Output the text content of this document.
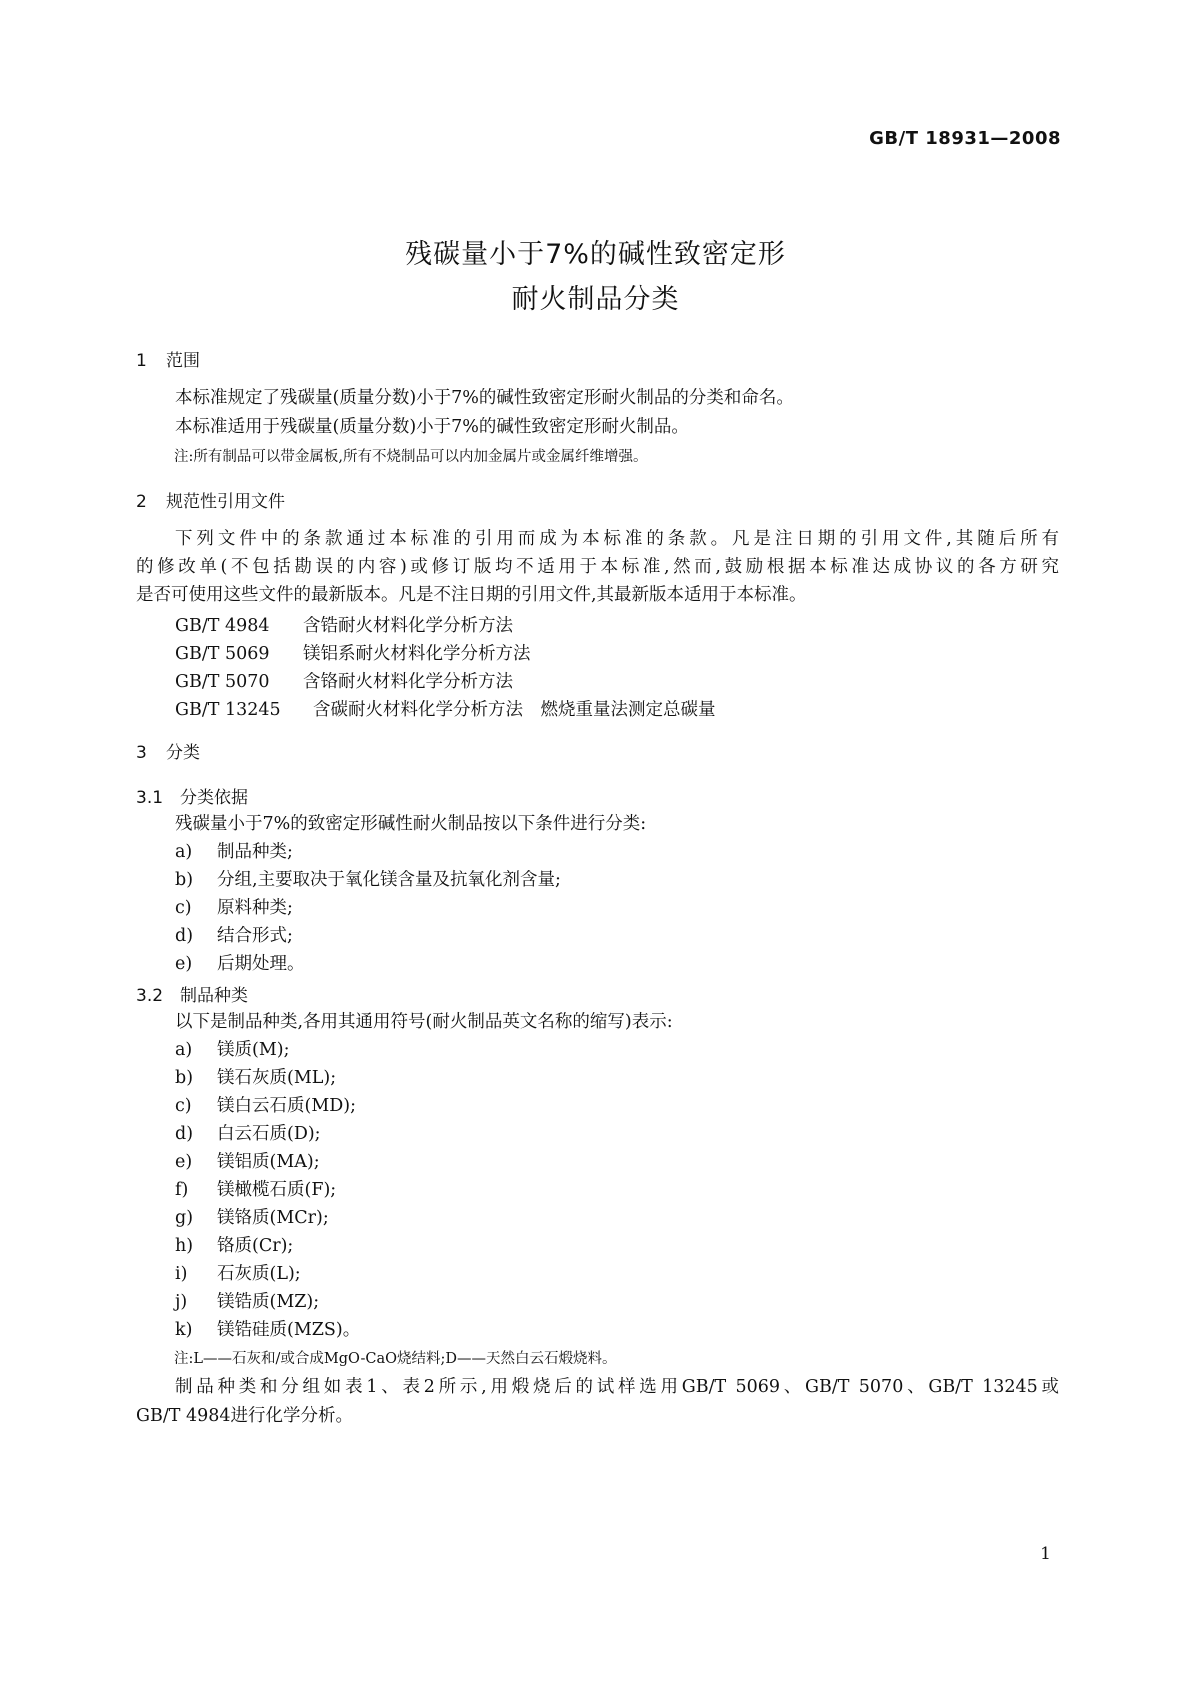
GB/T 18931—2008
残碳量小于7%的碱性致密定形
耐火制品分类
1 范围
本标准规定了残碳量(质量分数)小于7%的碱性致密定形耐火制品的分类和命名。
本标准适用于残碳量(质量分数)小于7%的碱性致密定形耐火制品。
注:所有制品可以带金属板,所有不烧制品可以内加金属片或金属纤维增强。
2 规范性引用文件
下列文件中的条款通过本标准的引用而成为本标准的条款。凡是注日期的引用文件,其随后所有
的修改单(不包括勘误的内容)或修订版均不适用于本标准,然而,鼓励根据本标准达成协议的各方研究
是否可使用这些文件的最新版本。凡是不注日期的引用文件,其最新版本适用于本标准。
GB/T 4984 含锆耐火材料化学分析方法
GB/T 5069 镁铝系耐火材料化学分析方法
GB/T 5070 含铬耐火材料化学分析方法
GB/T 13245 含碳耐火材料化学分析方法　燃烧重量法测定总碳量
3 分类
3.1 分类依据
残碳量小于7%的致密定形碱性耐火制品按以下条件进行分类:
a) 制品种类;
b) 分组,主要取决于氧化镁含量及抗氧化剂含量;
c) 原料种类;
d) 结合形式;
e) 后期处理。
3.2 制品种类
以下是制品种类,各用其通用符号(耐火制品英文名称的缩写)表示:
a) 镁质(M);
b) 镁石灰质(ML);
c) 镁白云石质(MD);
d) 白云石质(D);
e) 镁铝质(MA);
f) 镁橄榄石质(F);
g) 镁铬质(MCr);
h) 铬质(Cr);
i) 石灰质(L);
j) 镁锆质(MZ);
k) 镁锆硅质(MZS)。
注:L——石灰和/或合成MgO-CaO烧结料;D——天然白云石煅烧料。
制品种类和分组如表1、表2所示,用煅烧后的试样选用GB/T 5069、GB/T 5070、GB/T 13245或
GB/T 4984进行化学分析。
1
